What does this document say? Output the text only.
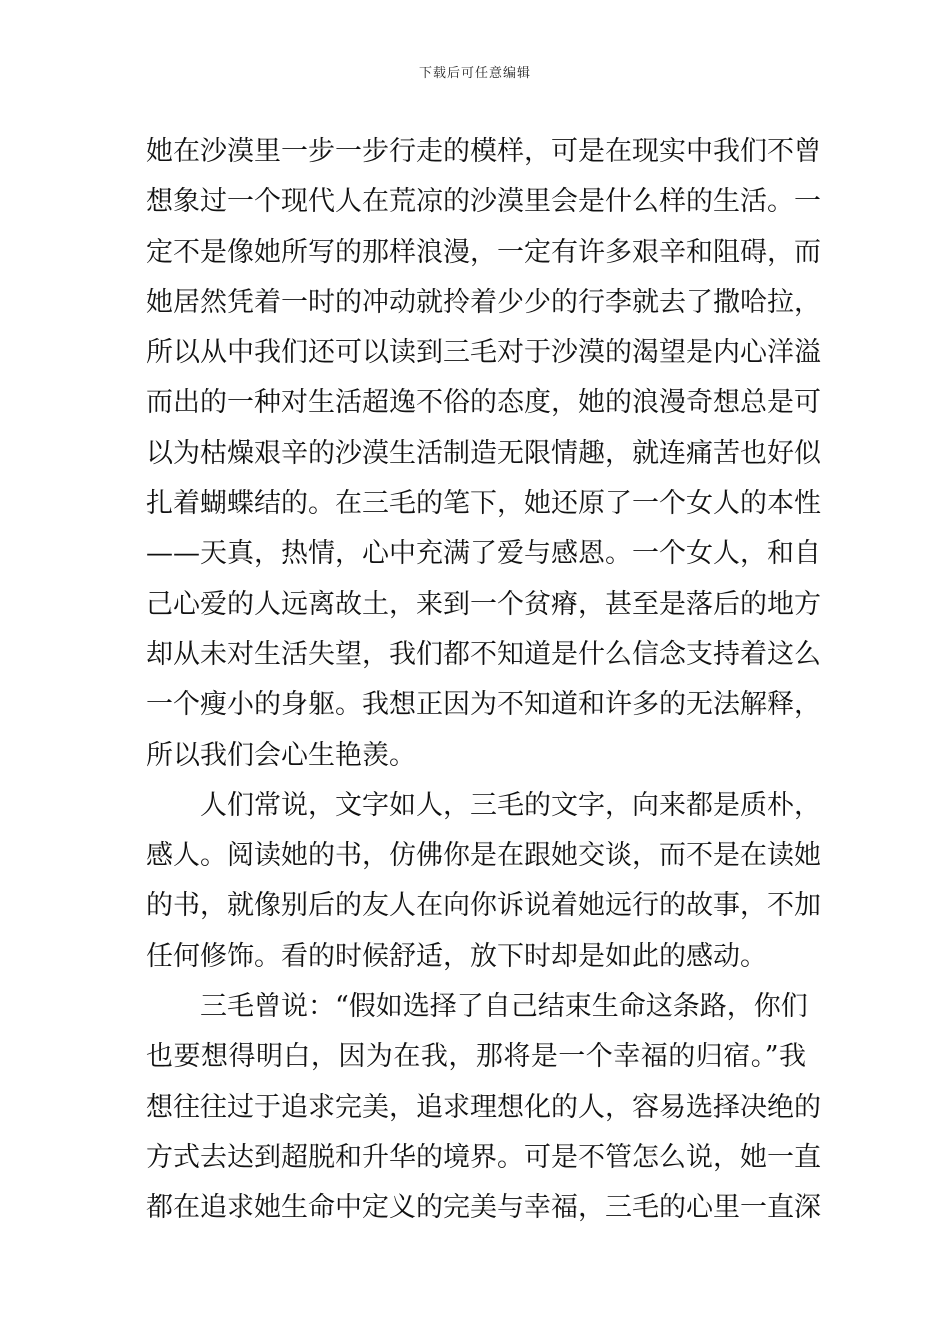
下载后可任意编辑
她在沙漠里一步一步行走的模样，可是在现实中我们不曾
想象过一个现代人在荒凉的沙漠里会是什么样的生活。一
定不是像她所写的那样浪漫，一定有许多艰辛和阻碍，而
她居然凭着一时的冲动就拎着少少的行李就去了撒哈拉，
所以从中我们还可以读到三毛对于沙漠的渴望是内心洋溢
而出的一种对生活超逸不俗的态度，她的浪漫奇想总是可
以为枯燥艰辛的沙漠生活制造无限情趣，就连痛苦也好似
扎着蝴蝶结的。在三毛的笔下，她还原了一个女人的本性
——天真，热情，心中充满了爱与感恩。一个女人，和自
己心爱的人远离故土，来到一个贫瘠，甚至是落后的地方
却从未对生活失望，我们都不知道是什么信念支持着这么
一个瘦小的身躯。我想正因为不知道和许多的无法解释，
所以我们会心生艳羡。
人们常说，文字如人，三毛的文字，向来都是质朴，
感人。阅读她的书，仿佛你是在跟她交谈，而不是在读她
的书，就像别后的友人在向你诉说着她远行的故事，不加
任何修饰。看的时候舒适，放下时却是如此的感动。
三毛曾说：“假如选择了自己结束生命这条路，你们
也要想得明白，因为在我，那将是一个幸福的归宿。”我
想往往过于追求完美，追求理想化的人，容易选择决绝的
方式去达到超脱和升华的境界。可是不管怎么说，她一直
都在追求她生命中定义的完美与幸福，三毛的心里一直深
